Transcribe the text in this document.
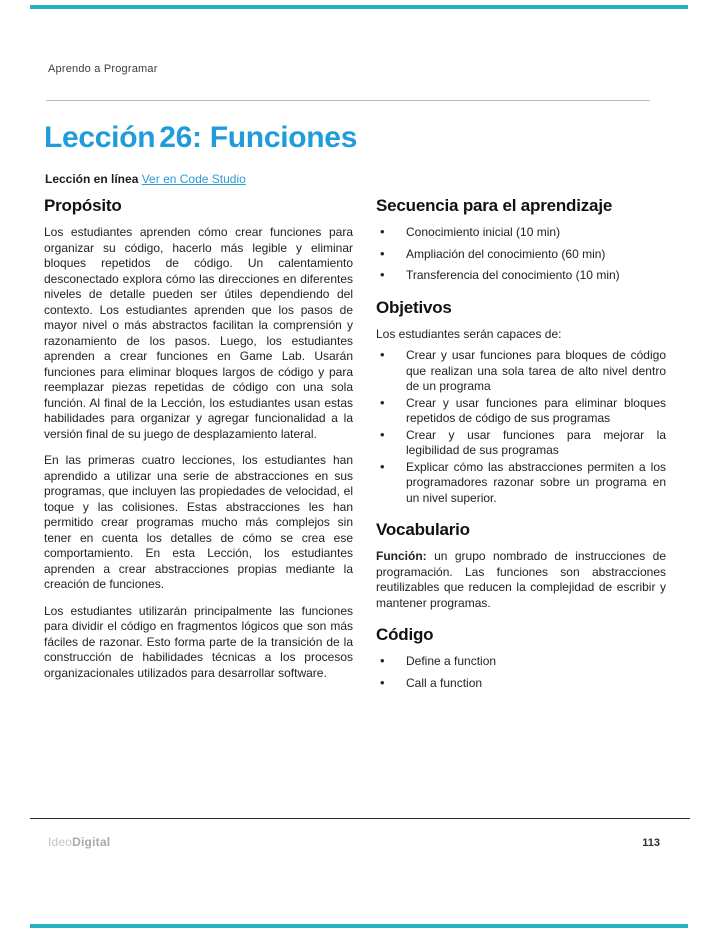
Aprendo a Programar
Lección 26: Funciones
Lección en línea Ver en Code Studio
Propósito

Los estudiantes aprenden cómo crear funciones para organizar su código, hacerlo más legible y eliminar bloques repetidos de código. Un calentamiento desconectado explora cómo las direcciones en diferentes niveles de detalle pueden ser útiles dependiendo del contexto. Los estudiantes aprenden que los pasos de mayor nivel o más abstractos facilitan la comprensión y razonamiento de los pasos. Luego, los estudiantes aprenden a crear funciones en Game Lab. Usarán funciones para eliminar bloques largos de código y para reemplazar piezas repetidas de código con una sola función. Al final de la Lección, los estudiantes usan estas habilidades para organizar y agregar funcionalidad a la versión final de su juego de desplazamiento lateral.

En las primeras cuatro lecciones, los estudiantes han aprendido a utilizar una serie de abstracciones en sus programas, que incluyen las propiedades de velocidad, el toque y las colisiones. Estas abstracciones les han permitido crear programas mucho más complejos sin tener en cuenta los detalles de cómo se crea ese comportamiento. En esta Lección, los estudiantes aprenden a crear abstracciones propias mediante la creación de funciones.

Los estudiantes utilizarán principalmente las funciones para dividir el código en fragmentos lógicos que son más fáciles de razonar. Esto forma parte de la transición de la construcción de habilidades técnicas a los procesos organizacionales utilizados para desarrollar software.

Secuencia para el aprendizaje
• Conocimiento inicial (10 min)
• Ampliación del conocimiento (60 min)
• Transferencia del conocimiento (10 min)
Objetivos

Los estudiantes serán capaces de:

• Crear y usar funciones para bloques de código que realizan una sola tarea de alto nivel dentro de un programa
• Crear y usar funciones para eliminar bloques repetidos de código de sus programas
• Crear y usar funciones para mejorar la legibilidad de sus programas
• Explicar cómo las abstracciones permiten a los programadores razonar sobre un programa en un nivel superior.
Vocabulario

Función: un grupo nombrado de instrucciones de programación. Las funciones son abstracciones reutilizables que reducen la complejidad de escribir y mantener programas.

Código
• Define a function
• Call a function
IdeoDigital	113
